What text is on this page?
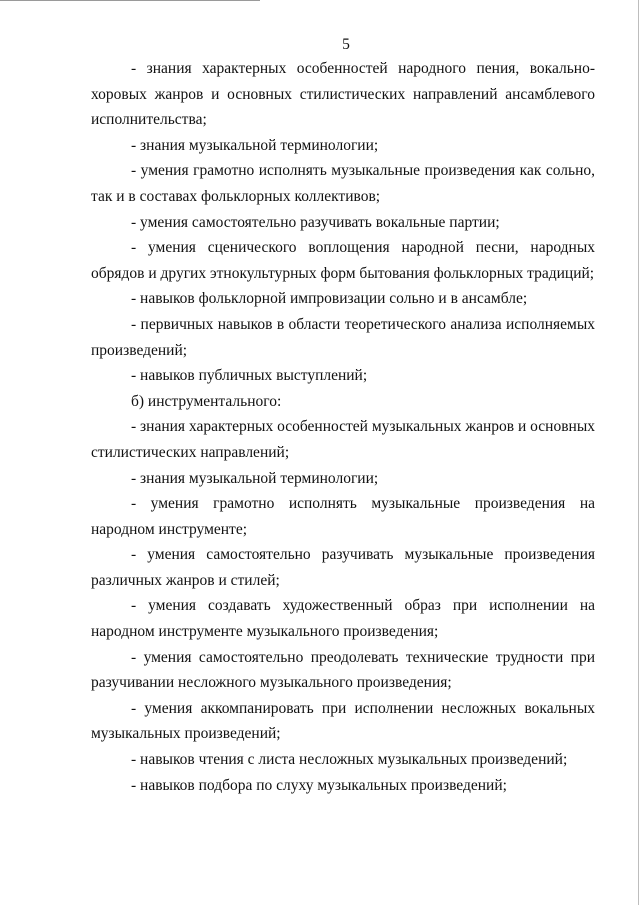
5

- знания характерных особенностей народного пения, вокально-хоровых жанров и основных стилистических направлений ансамблевого исполнительства;

- знания музыкальной терминологии;

- умения грамотно исполнять музыкальные произведения как сольно, так и в составах фольклорных коллективов;

- умения самостоятельно разучивать вокальные партии;

- умения сценического воплощения народной песни, народных обрядов и других этнокультурных форм бытования фольклорных традиций;

- навыков фольклорной импровизации сольно и в ансамбле;

- первичных навыков в области теоретического анализа исполняемых произведений;

- навыков публичных выступлений;

б) инструментального:

- знания характерных особенностей музыкальных жанров и основных стилистических направлений;

- знания музыкальной терминологии;

- умения грамотно исполнять музыкальные произведения на народном инструменте;

- умения самостоятельно разучивать музыкальные произведения различных жанров и стилей;

- умения создавать художественный образ при исполнении на народном инструменте музыкального произведения;

- умения самостоятельно преодолевать технические трудности при разучивании несложного музыкального произведения;

- умения аккомпанировать при исполнении несложных вокальных музыкальных произведений;

- навыков чтения с листа несложных музыкальных произведений;

- навыков подбора по слуху музыкальных произведений;
